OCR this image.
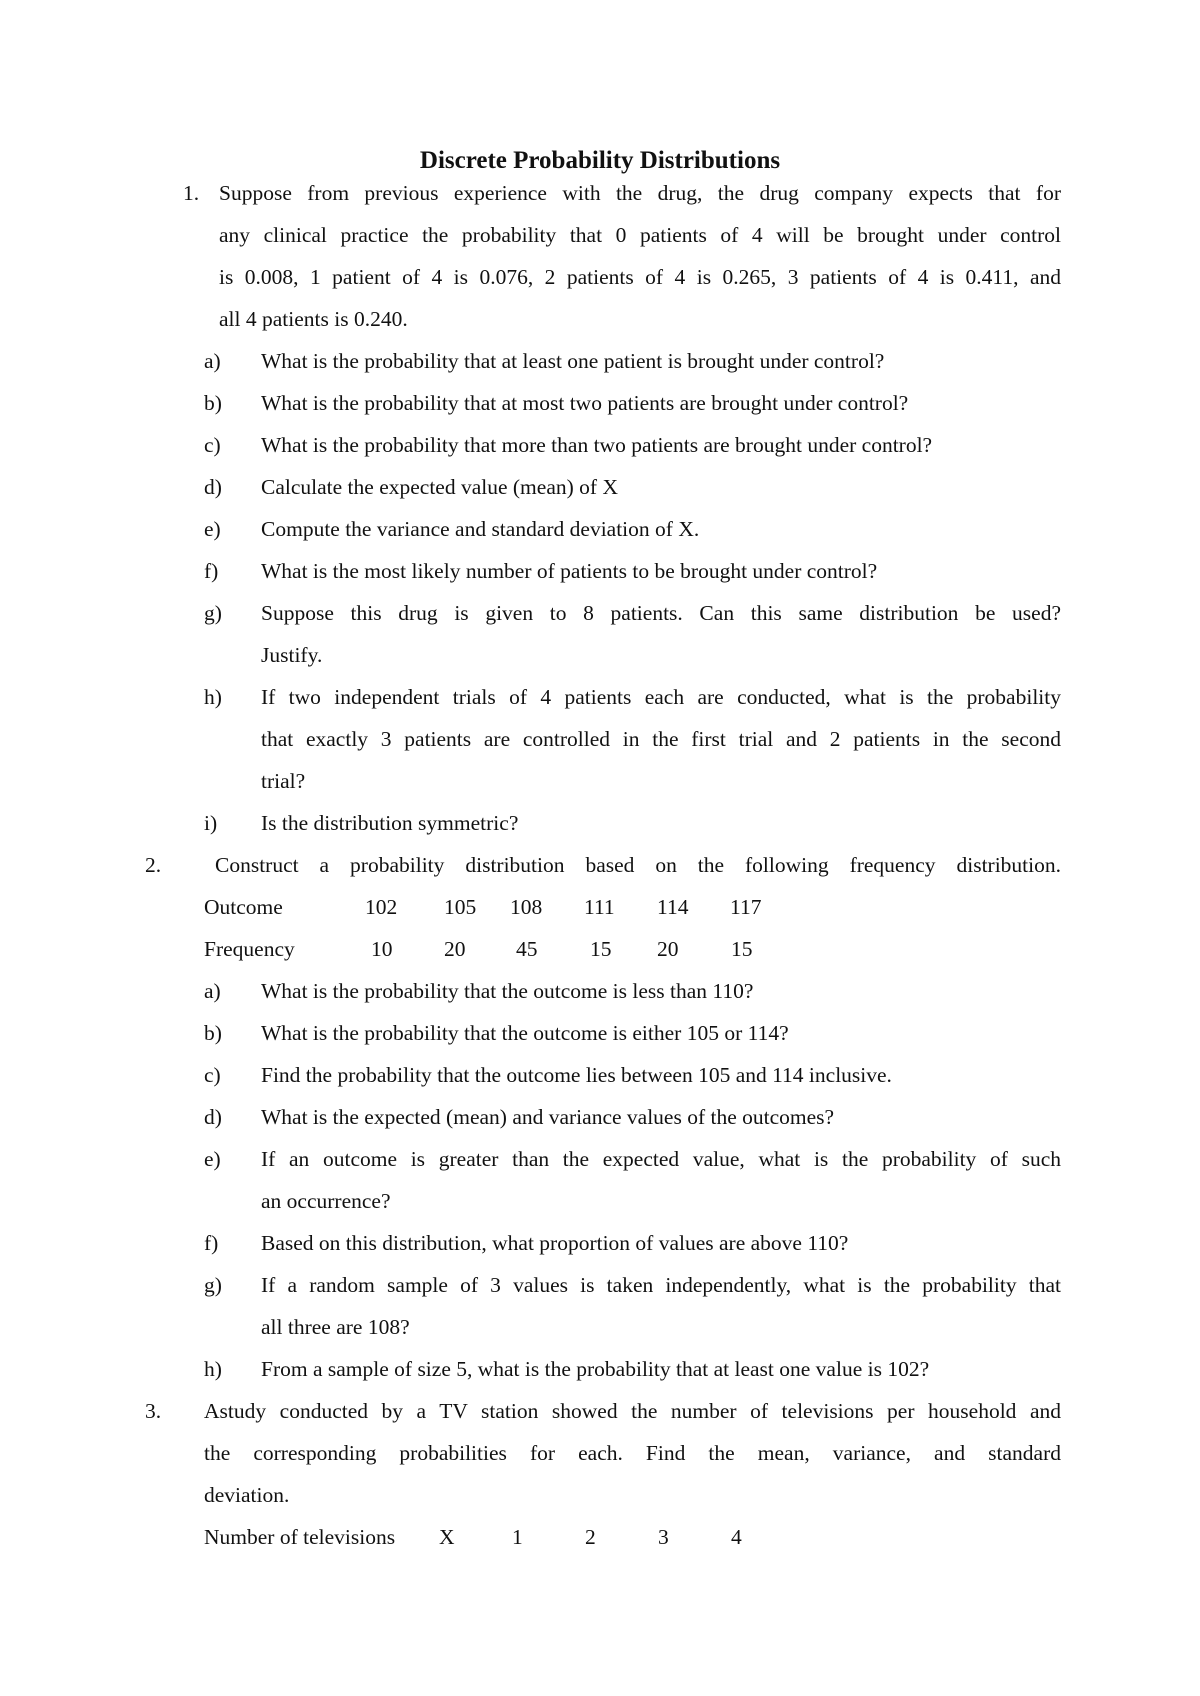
Discrete Probability Distributions
1. Suppose from previous experience with the drug, the drug company expects that for
any clinical practice the probability that 0 patients of 4 will be brought under control
is 0.008, 1 patient of 4 is 0.076, 2 patients of 4 is 0.265, 3 patients of 4 is 0.411, and
all 4 patients is 0.240.
a) What is the probability that at least one patient is brought under control?
b) What is the probability that at most two patients are brought under control?
c) What is the probability that more than two patients are brought under control?
d) Calculate the expected value (mean) of X
e) Compute the variance and standard deviation of X.
f) What is the most likely number of patients to be brought under control?
g) Suppose this drug is given to 8 patients. Can this same distribution be used?
Justify.
h) If two independent trials of 4 patients each are conducted, what is the probability
that exactly 3 patients are controlled in the first trial and 2 patients in the second
trial?
i) Is the distribution symmetric?
2.	Construct a probability distribution based on the following frequency distribution.
Outcome	102 105 108 111 114 117
Frequency	10 20 45 15 20 15
a) What is the probability that the outcome is less than 110?
b) What is the probability that the outcome is either 105 or 114?
c) Find the probability that the outcome lies between 105 and 114 inclusive.
d) What is the expected (mean) and variance values of the outcomes?
e) If an outcome is greater than the expected value, what is the probability of such
an occurrence?
f) Based on this distribution, what proportion of values are above 110?
g) If a random sample of 3 values is taken independently, what is the probability that
all three are 108?
h) From a sample of size 5, what is the probability that at least one value is 102?
3. Astudy conducted by a TV station showed the number of televisions per household and
the corresponding probabilities for each. Find the mean, variance, and standard
deviation.
Number of televisions X	1	2	3	4
